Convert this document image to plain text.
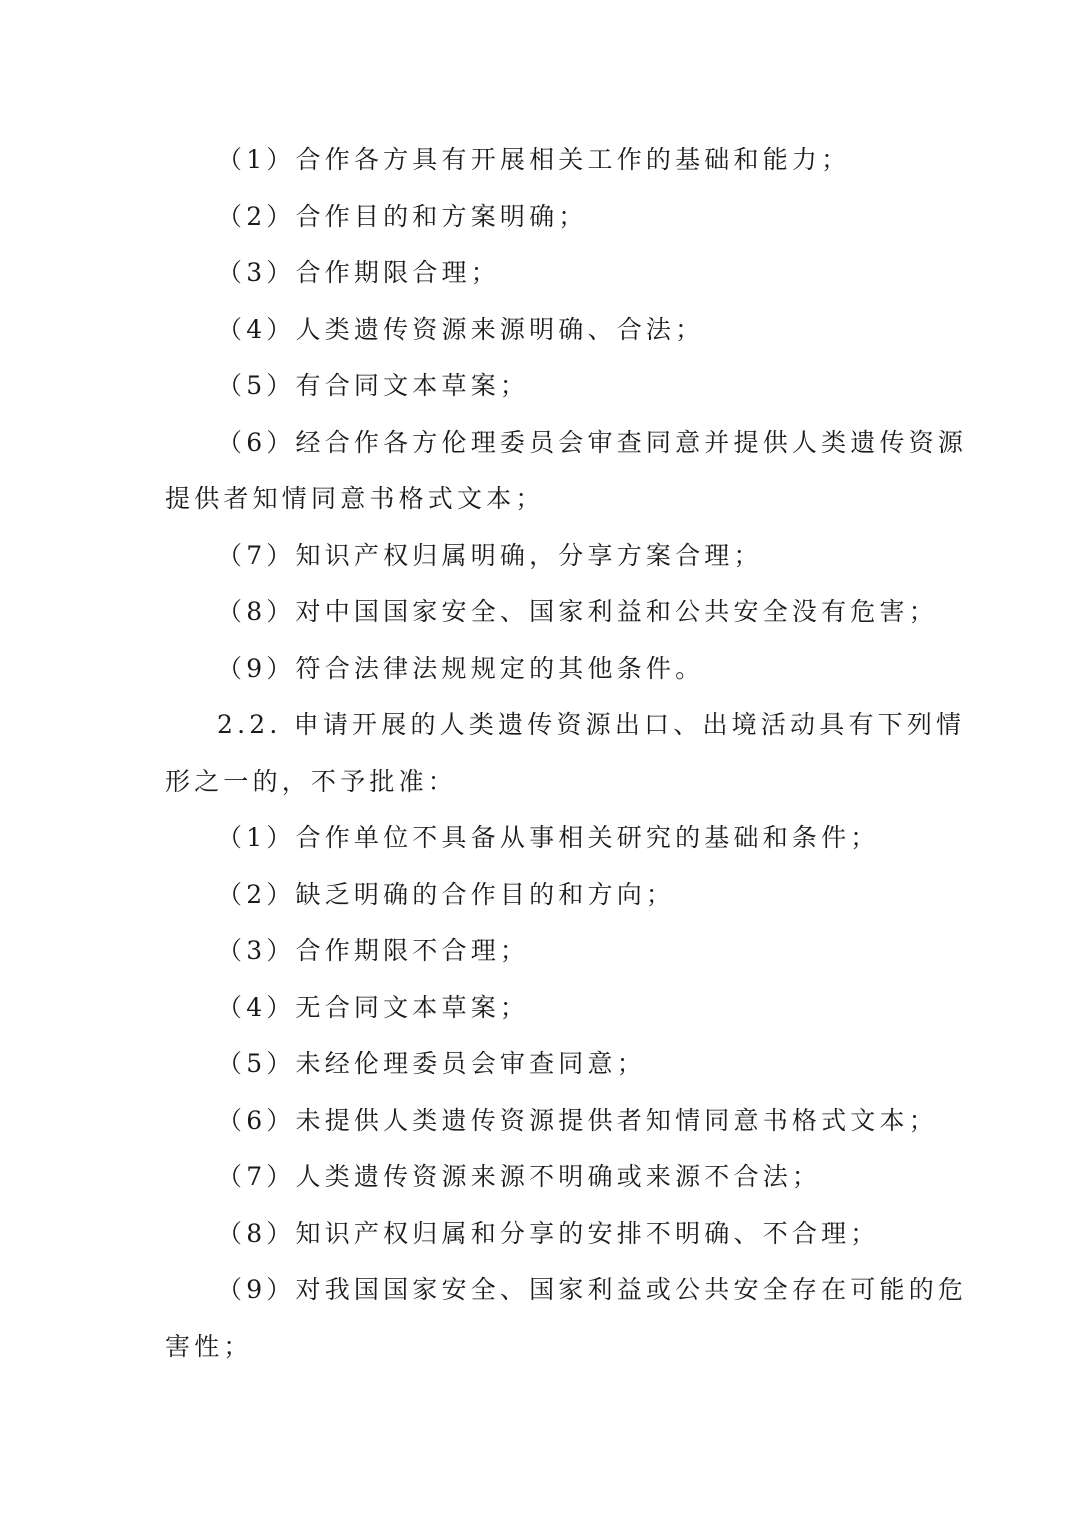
（1）合作各方具有开展相关工作的基础和能力；
（2）合作目的和方案明确；
（3）合作期限合理；
（4）人类遗传资源来源明确、合法；
（5）有合同文本草案；
（6）经合作各方伦理委员会审查同意并提供人类遗传资源
提供者知情同意书格式文本；
（7）知识产权归属明确，分享方案合理；
（8）对中国国家安全、国家利益和公共安全没有危害；
（9）符合法律法规规定的其他条件。
2.2. 申请开展的人类遗传资源出口、出境活动具有下列情
形之一的，不予批准：
（1）合作单位不具备从事相关研究的基础和条件；
（2）缺乏明确的合作目的和方向；
（3）合作期限不合理；
（4）无合同文本草案；
（5）未经伦理委员会审查同意；
（6）未提供人类遗传资源提供者知情同意书格式文本；
（7）人类遗传资源来源不明确或来源不合法；
（8）知识产权归属和分享的安排不明确、不合理；
（9）对我国国家安全、国家利益或公共安全存在可能的危
害性；
